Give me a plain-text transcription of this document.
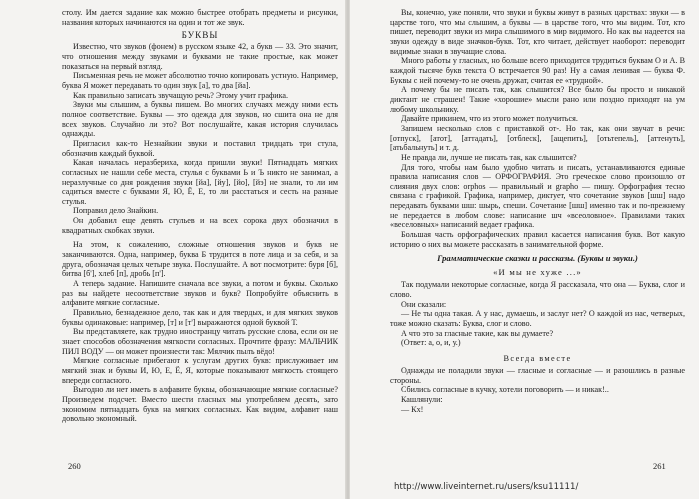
столу. Им дается задание как можно быстрее отобрать предметы и рисунки, названия которых начинаются на один и тот же звук.

БУКВЫ

Известно, что звуков (фонем) в русском языке 42, а букв — 33. Это значит, что отношения между звуками и буквами не такие простые, как может показаться на первый взгляд.

Письменная речь не может абсолютно точно копировать устную. Например, буква Я может передавать то один звук [а], то два [йа].

Как правильно записать звучащую речь? Этому учит графика.

Звуки мы слышим, а буквы пишем. Во многих случаях между ними есть полное соответствие. Буквы — это одежда для звуков, но сшита она не для всех звуков. Случайно ли это? Вот послушайте, какая история случилась однажды.

Пригласил как-то Незнайкин звуки и поставил тридцать три стула, обозначив каждый буквой.

Какая началась неразбериха, когда пришли звуки! Пятнадцать мягких согласных не нашли себе места, стулья с буквами Ь и Ъ никто не занимал, а неразлучные со дня рождения звуки [йа], [йу], [йо], [йэ] не знали, то ли им садиться вместе с буквами Я, Ю, Ё, Е, то ли расстаться и сесть на разные стулья.

Поправил дело Знайкин.

Он добавил еще девять стульев и на всех сорока двух обозначил в квадратных скобках звуки.

На этом, к сожалению, сложные отношения звуков и букв не заканчиваются. Одна, например, буква Б трудится в поте лица и за себя, и за друга, обозначая целых четыре звука. Послушайте. А вот посмотрите: буря [б], битва [б'], хлеб [п], дробь [п'].

А теперь задание. Напишите сначала все звуки, а потом и буквы. Сколько раз вы найдете несоответствие звуков и букв? Попробуйте объяснить в алфавите мягкие согласные.

Правильно, безнадежное дело, так как и для твердых, и для мягких звуков буквы одинаковые: например, [т] и [т'] выражаются одной буквой Т.

Вы представляете, как трудно иностранцу читать русские слова, если он не знает способов обозначения мягкости согласных. Прочтите фразу: МАЛЬЧИК ПИЛ ВОДУ — он может произнести так: Мялчик пылъ вёдо!

Мягкие согласные прибегают к услугам других букв: прислуживает им мягкий знак и буквы И, Ю, Е, Ё, Я, которые показывают мягкость стоящего впереди согласного.

Выгодно ли нет иметь в алфавите буквы, обозначающие мягкие согласные? Произведем подсчет. Вместо шести гласных мы употребляем десять, зато экономим пятнадцать букв на мягких согласных. Как видим, алфавит наш довольно экономный.

260

Вы, конечно, уже поняли, что звуки и буквы живут в разных царствах: звуки — в царстве того, что мы слышим, а буквы — в царстве того, что мы видим. Тот, кто пишет, переводит звуки из мира слышимого в мир видимого. Но как вы надеется на звуки одежду в виде значков-букв. Тот, кто читает, действует наоборот: переводит видимые знаки в звучащие слова.

Много работы у гласных, но больше всего приходится трудиться буквам О и А. В каждой тысяче букв текста О встречается 90 раз! Ну а самая ленивая — буква Ф. Буквы с ней почему-то не очень дружат, считая ее «трудной».

А почему бы не писать так, как слышится? Все было бы просто и никакой диктант не страшен! Такие «хорошие» мысли рано или поздно приходят на ум любому школьнику.

Давайте прикинем, что из этого может получиться.

Запишем несколько слов с приставкой от-. Но так, как они звучат в речи: [отпуск], [атот], [аттадать], [отблеск], [ащепить], [отьтепель], [аттенуть], [атьбальнуть] и т. д.

Не правда ли, лучше не писать так, как слышится?

Для того, чтобы нам было удобно читать и писать, устанавливаются единые правила написания слов — ОРФОГРАФИЯ. Это греческое слово произошло от слияния двух слов: orphos — правильный и grapho — пишу. Орфография тесно связана с графикой. Графика, например, диктует, что сочетание звуков [шш] надо передавать буквами шш: шырь, спеши. Сочетание [шш] именно так и по-прежнему не передается в любом слове: написание шч «всеоловное». Правилами таких «веселовных» написаний ведает графика.

Большая часть орфографических правил касается написания букв. Вот какую историю о них вы можете рассказать в занимательной форме.

Грамматические сказки и рассказы. (Буквы и звуки.)
«И мы не хуже ...»

Так подумали некоторые согласные, когда Я рассказала, что она — Буква, слог и слово.

Они сказали:

— Не ты одна такая. А у нас, думаешь, и заслуг нет? О каждой из нас, четверых, тоже можно сказать: Буква, слог и слово.

А что это за гласные такие, как вы думаете?

(Ответ: а, о, и, у.)

Всегда вместе

Однажды не поладили звуки — гласные и согласные — и разошлись в разные стороны.

Сбились согласные в кучку, хотели поговорить — и никак!..

Кашлянули:

— Кх!

261
http://www.liveinternet.ru/users/ksu11111/
